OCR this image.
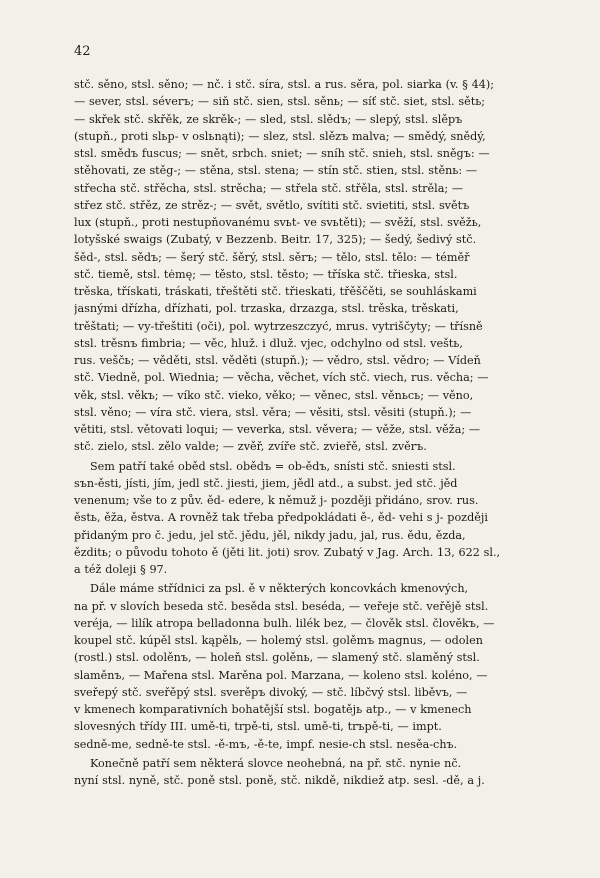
42

stč. sěno, stsl. sěno; — nč. i stč. síra, stsl. a rus. sěra, pol. siarka (v. § 44);
— sever, stsl. séverъ; — siň stč. sien, stsl. sěnь; — síť stč. siet, stsl. sětь;
— skřek stč. skřěk, ze skrěk-; — sled, stsl. slědъ; — slepý, stsl. slěpъ
(stupň., proti slьp- v oslьnąti); — slez, stsl. slězъ malva; — smědý, snědý,
stsl. smědъ fuscus; — snět, srbch. sniet; — sníh stč. snieh, stsl. sněgъ: —
stěhovati, ze stěg-; — stěna, stsl. stena; — stín stč. stien, stsl. stěnь: —
střecha stč. střěcha, stsl. strěcha; — střela stč. střěla, stsl. strěla; —
střez stč. střěz, ze strěz-; — svět, světlo, svítiti stč. svietiti, stsl. světъ
lux (stupň., proti nestupňovanému svьt- ve svьtěti); — svěží, stsl. svěžь,
lotyšské swaigs (Zubatý, v Bezzenb. Beitr. 17, 325); — šedý, šedivý stč.
šěd-, stsl. sědъ; — šerý stč. šěrý, stsl. sěrъ; — tělo, stsl. tělo: — téměř
stč. tiemě, stsl. tėmę; — těsto, stsl. těsto; — tříska stč. třieska, stsl.
trěska, třískati, tráskati, třeštěti stč. třieskati, třěščěti, se souhláskami
jasnými dřízha, dřízhati, pol. trzaska, drzazga, stsl. trěska, trěskati,
trěštati; — vy-třeštiti (oči), pol. wytrzeszczyć, mrus. vytriščyty; — třísně
stsl. trěsnъ fimbria; — věc, hluž. i dluž. vjec, odchylno od stsl. veštь,
rus. veščь; — věděti, stsl. věděti (stupň.); — vědro, stsl. vědro; — Vídeň
stč. Viedně, pol. Wiednia; — věcha, věchet, vích stč. viech, rus. věcha; —
věk, stsl. věkъ; — víko stč. vieko, věko; — věnec, stsl. věnьcь; — věno,
stsl. věno; — víra stč. viera, stsl. věra; — věsiti, stsl. věsiti (stupň.); —
větiti, stsl. větovati loqui; — veverka, stsl. věvera; — věže, stsl. věža; —
stč. zielo, stsl. zělo valde; — zvěř, zvíře stč. zvieřě, stsl. zvěrъ.

Sem patří také oběd stsl. obědъ = ob-ědъ, snísti stč. sniesti stsl.
sъn-ěsti, jísti, jím, jedl stč. jiesti, jiem, jědl atd., a subst. jed stč. jěd
venenum; vše to z pův. ěd- edere, k němuž j- později přidáno, srov. rus.
ěstь, ěža, ěstva. A rovněž tak třeba předpokládati ě-, ěd- vehi s j- později
přidaným pro č. jedu, jel stč. jědu, jěl, nikdy jadu, jal, rus. ědu, ězda,
ězditь; o původu tohoto ě (jěti lit. joti) srov. Zubatý v Jag. Arch. 13, 622 sl.,
a též doleji § 97.

Dále máme střídnici za psl. ě v některých koncovkách kmenových,
na př. v slovích beseda stč. besěda stsl. beséda, — veřeje stč. veřějě stsl.
veréja, — lilík atropa belladonna bulh. lilék bez, — člověk stsl. člověkъ, —
koupel stč. kúpěl stsl. kąpělь, — holemý stsl. golěmъ magnus, — odolen
(rostl.) stsl. odolěnъ, — holeň stsl. golěnь, — slamený stč. slaměný stsl.
slaměnъ, — Mařena stsl. Marěna pol. Marzana, — koleno stsl. koléno, —
sveřepý stč. sveřěpý stsl. sverěpъ divoký, — stč. líbčvý stsl. liběvъ, —
v kmenech komparativních bohatější stsl. bogatějь atp., — v kmenech
slovesných třídy III. umě-ti, trpě-ti, stsl. umě-ti, trъpě-ti, — impt.
sedně-me, sedně-te stsl. -ě-mъ, -ě-te, impf. nesie-ch stsl. nesěa-chъ.

Konečně patří sem některá slovce neohebná, na př. stč. nynie nč.
nyní stsl. nyně, stč. poně stsl. poně, stč. nikdě, nikdiež atp. sesl. -dě, a j.
